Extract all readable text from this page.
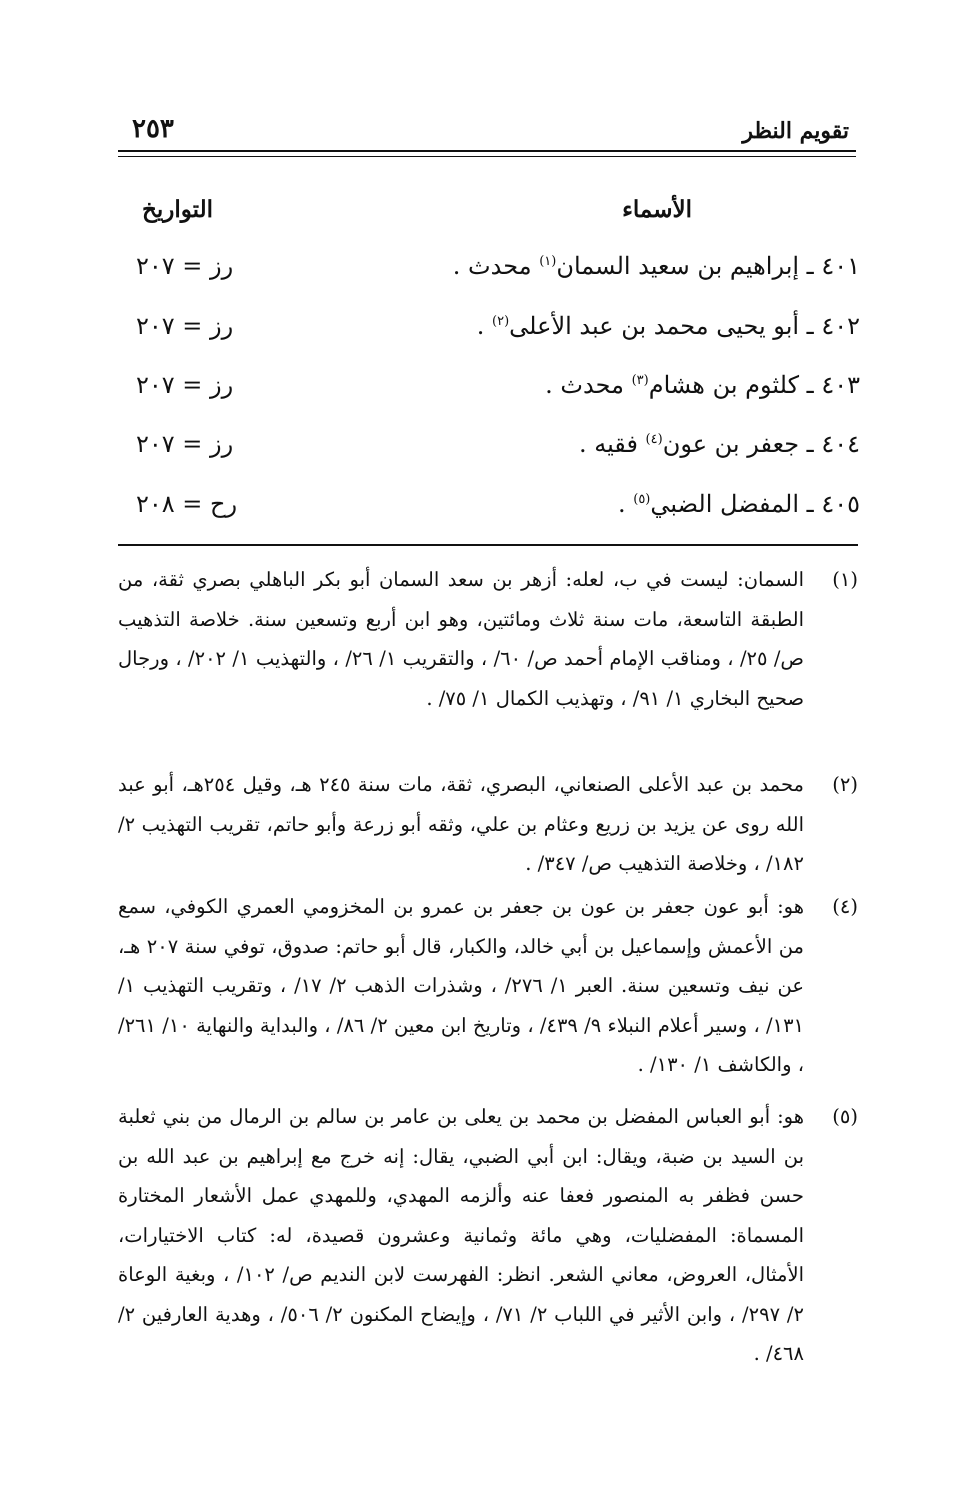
تقويم النظر
٢٥٣
الأسماء
التواريخ
٤٠١ ـ إبراهيم بن سعيد السمان$^{(١)}$ محدث .
رز = ٢٠٧
٤٠٢ ـ أبو يحيى محمد بن عبد الأعلى$^{(٢)}$ .
رز = ٢٠٧
٤٠٣ ـ كلثوم بن هشام$^{(٣)}$ محدث .
رز = ٢٠٧
٤٠٤ ـ جعفر بن عون$^{(٤)}$ فقيه .
رز = ٢٠٧
٤٠٥ ـ المفضل الضبي$^{(٥)}$ .
رح = ٢٠٨
(١)
السمان: ليست في ب، لعله: أزهر بن سعد السمان أبو بكر الباهلي بصري ثقة، من الطبقة التاسعة، مات سنة ثلاث ومائتين، وهو ابن أربع وتسعين سنة. خلاصة التذهيب ص/ ٢٥/ ، ومناقب الإمام أحمد ص/ ٦٠/ ، والتقريب ١/ ٢٦/ ، والتهذيب ١/ ٢٠٢/ ، ورجال صحيح البخاري ١/ ٩١/ ، وتهذيب الكمال ١/ ٧٥/ .
(٢)
محمد بن عبد الأعلى الصنعاني، البصري، ثقة، مات سنة ٢٤٥ هـ، وقيل ٢٥٤هـ، أبو عبد الله روى عن يزيد بن زريع وعثام بن علي، وثقه أبو زرعة وأبو حاتم، تقريب التهذيب ٢/ ١٨٢/ ، وخلاصة التذهيب ص/ ٣٤٧/ .
(٤)
هو: أبو عون جعفر بن عون بن جعفر بن عمرو بن المخزومي العمري الكوفي، سمع من الأعمش وإسماعيل بن أبي خالد، والكبار، قال أبو حاتم: صدوق، توفي سنة ٢٠٧ هـ، عن نيف وتسعين سنة. العبر ١/ ٢٧٦/ ، وشذرات الذهب ٢/ ١٧/ ، وتقريب التهذيب ١/ ١٣١/ ، وسير أعلام النبلاء ٩/ ٤٣٩/ ، وتاريخ ابن معين ٢/ ٨٦/ ، والبداية والنهاية ١٠/ ٢٦١/ ، والكاشف ١/ ١٣٠/ .
(٥)
هو: أبو العباس المفضل بن محمد بن يعلى بن عامر بن سالم بن الرمال من بني ثعلبة بن السيد بن ضبة، ويقال: ابن أبي الضبي، يقال: إنه خرج مع إبراهيم بن عبد الله بن حسن فظفر به المنصور فعفا عنه وألزمه المهدي، وللمهدي عمل الأشعار المختارة المسماة: المفضليات، وهي مائة وثمانية وعشرون قصيدة، له: كتاب الاختيارات، الأمثال، العروض، معاني الشعر. انظر: الفهرست لابن النديم ص/ ١٠٢/ ، وبغية الوعاة ٢/ ٢٩٧/ ، وابن الأثير في اللباب ٢/ ٧١/ ، وإيضاح المكنون ٢/ ٥٠٦/ ، وهدية العارفين ٢/ ٤٦٨/ .
